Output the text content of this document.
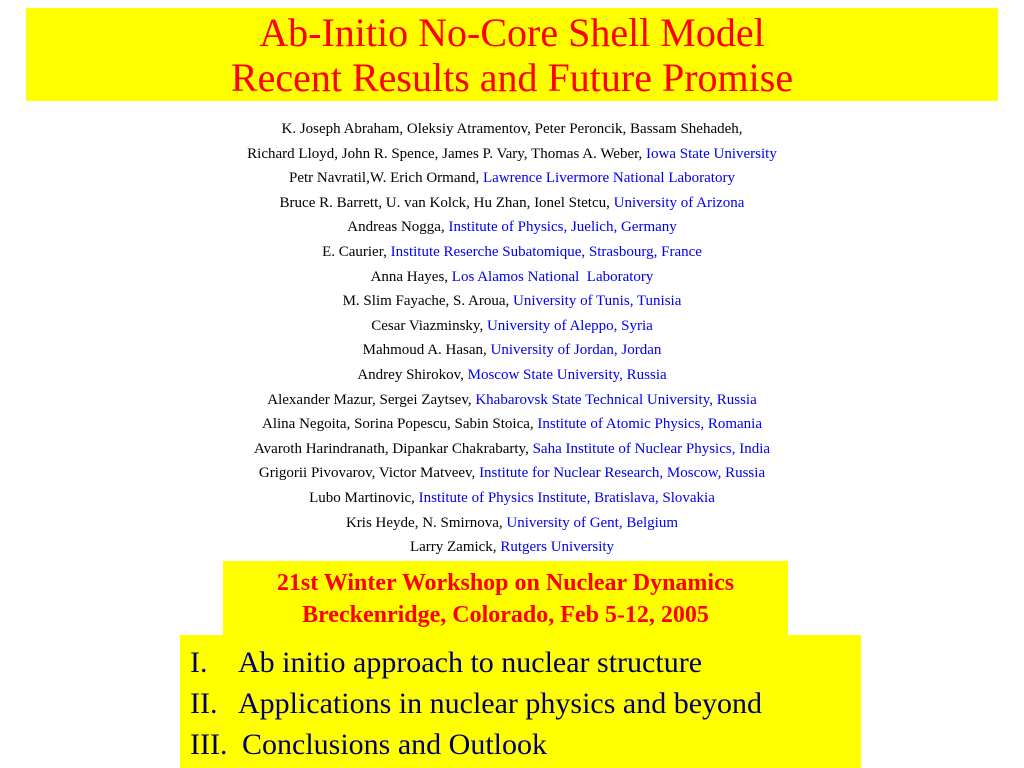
Ab-Initio No-Core Shell Model
Recent Results and Future Promise
K. Joseph Abraham, Oleksiy Atramentov, Peter Peroncik, Bassam Shehadeh,
Richard Lloyd, John R. Spence, James P. Vary, Thomas A. Weber, Iowa State University
Petr Navratil,W. Erich Ormand, Lawrence Livermore National Laboratory
Bruce R. Barrett, U. van Kolck, Hu Zhan, Ionel Stetcu, University of Arizona
Andreas Nogga, Institute of Physics, Juelich, Germany
E. Caurier, Institute Reserche Subatomique, Strasbourg, France
Anna Hayes, Los Alamos National  Laboratory
M. Slim Fayache, S. Aroua, University of Tunis, Tunisia
Cesar Viazminsky, University of Aleppo, Syria
Mahmoud A. Hasan, University of Jordan, Jordan
Andrey Shirokov, Moscow State University, Russia
Alexander Mazur, Sergei Zaytsev, Khabarovsk State Technical University, Russia
Alina Negoita, Sorina Popescu, Sabin Stoica, Institute of Atomic Physics, Romania
Avaroth Harindranath, Dipankar Chakrabarty, Saha Institute of Nuclear Physics, India
Grigorii Pivovarov, Victor Matveev, Institute for Nuclear Research, Moscow, Russia
Lubo Martinovic, Institute of Physics Institute, Bratislava, Slovakia
Kris Heyde, N. Smirnova, University of Gent, Belgium
Larry Zamick, Rutgers University
21st Winter Workshop on Nuclear Dynamics
Breckenridge, Colorado, Feb 5-12, 2005
I. Ab initio approach to nuclear structure
II. Applications in nuclear physics and beyond
III. Conclusions and Outlook
